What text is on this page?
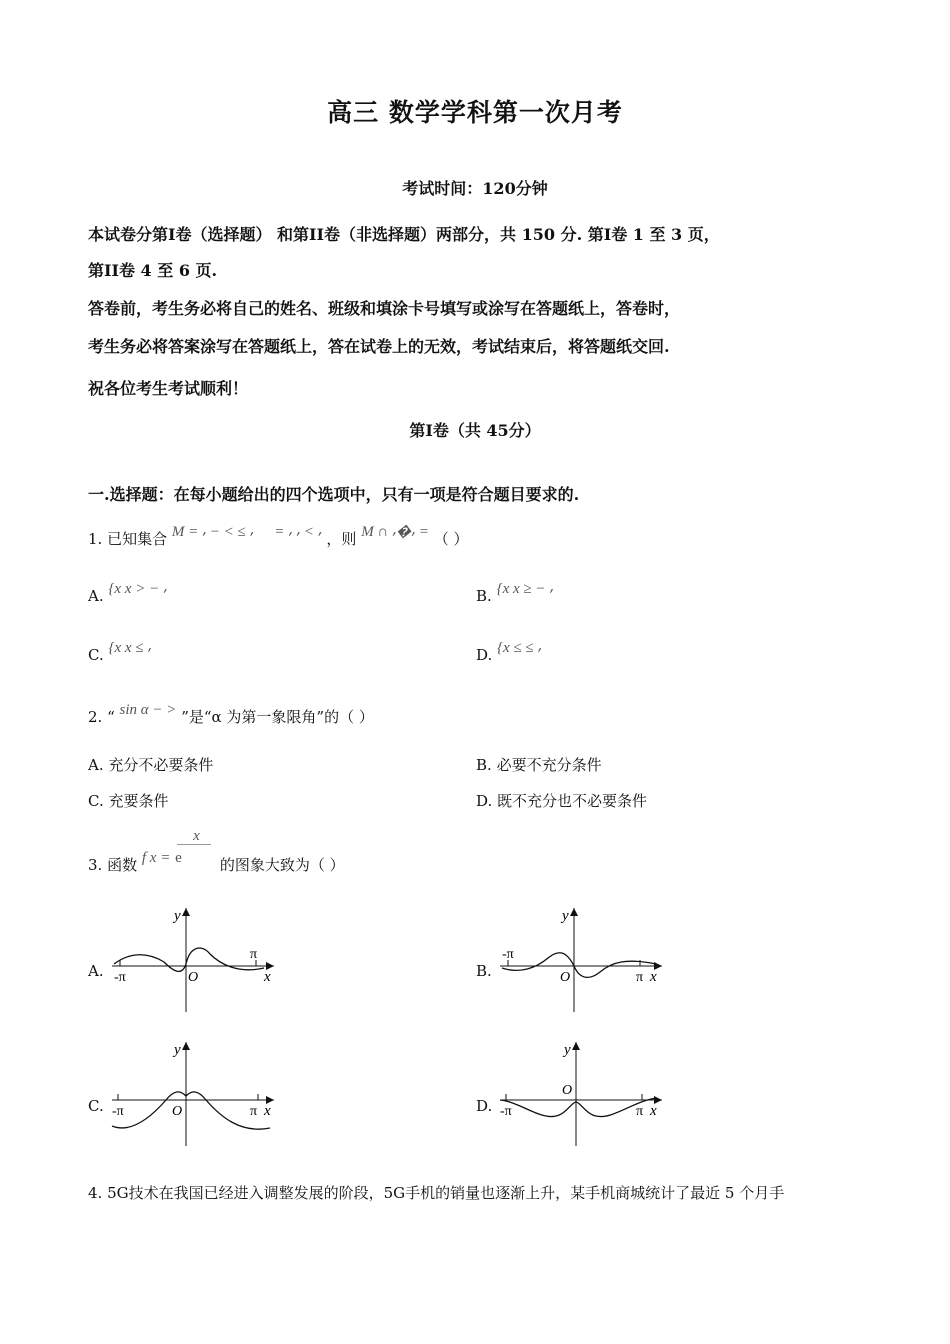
高三 数学学科第一次月考
考试时间：120分钟
本试卷分第I卷（选择题） 和第II卷（非选择题）两部分，共 150 分. 第I卷 1 至 3 页，
第II卷 4 至 6 页.
答卷前，考生务必将自己的姓名、班级和填涂卡号填写或涂写在答题纸上，答卷时，
考生务必将答案涂写在答题纸上，答在试卷上的无效，考试结束后，将答题纸交回.
祝各位考生考试顺利！
第I卷（共 45分）
一.选择题：在每小题给出的四个选项中，只有一项是符合题目要求的.
1. 已知集合 M = ⸴ − < ≤ ⸴ = ⸴ ⸴ < ⸴ ，则 M ∩ ⸴�⸴ = （ ）
A. {x x > − ⸴	B. {x x ≥ − ⸴
C. {x x ≤ ⸴	D. {x ≤ ≤ ⸴
2. “ sin α − > ”是“α 为第一象限角”的（ ）
A. 充分不必要条件	B. 必要不充分条件
C. 充要条件	D. 既不充分也不必要条件
3. 函数 f x =
x
e	的图象大致为（ ）
A.
y
-π	O
π
x	B.
y
-π
O	π x
C.
y
-π	O	π x	D.
y
-π
O
π x
4. 5G技术在我国已经进入调整发展的阶段，5G手机的销量也逐渐上升，某手机商城统计了最近 5 个月手
